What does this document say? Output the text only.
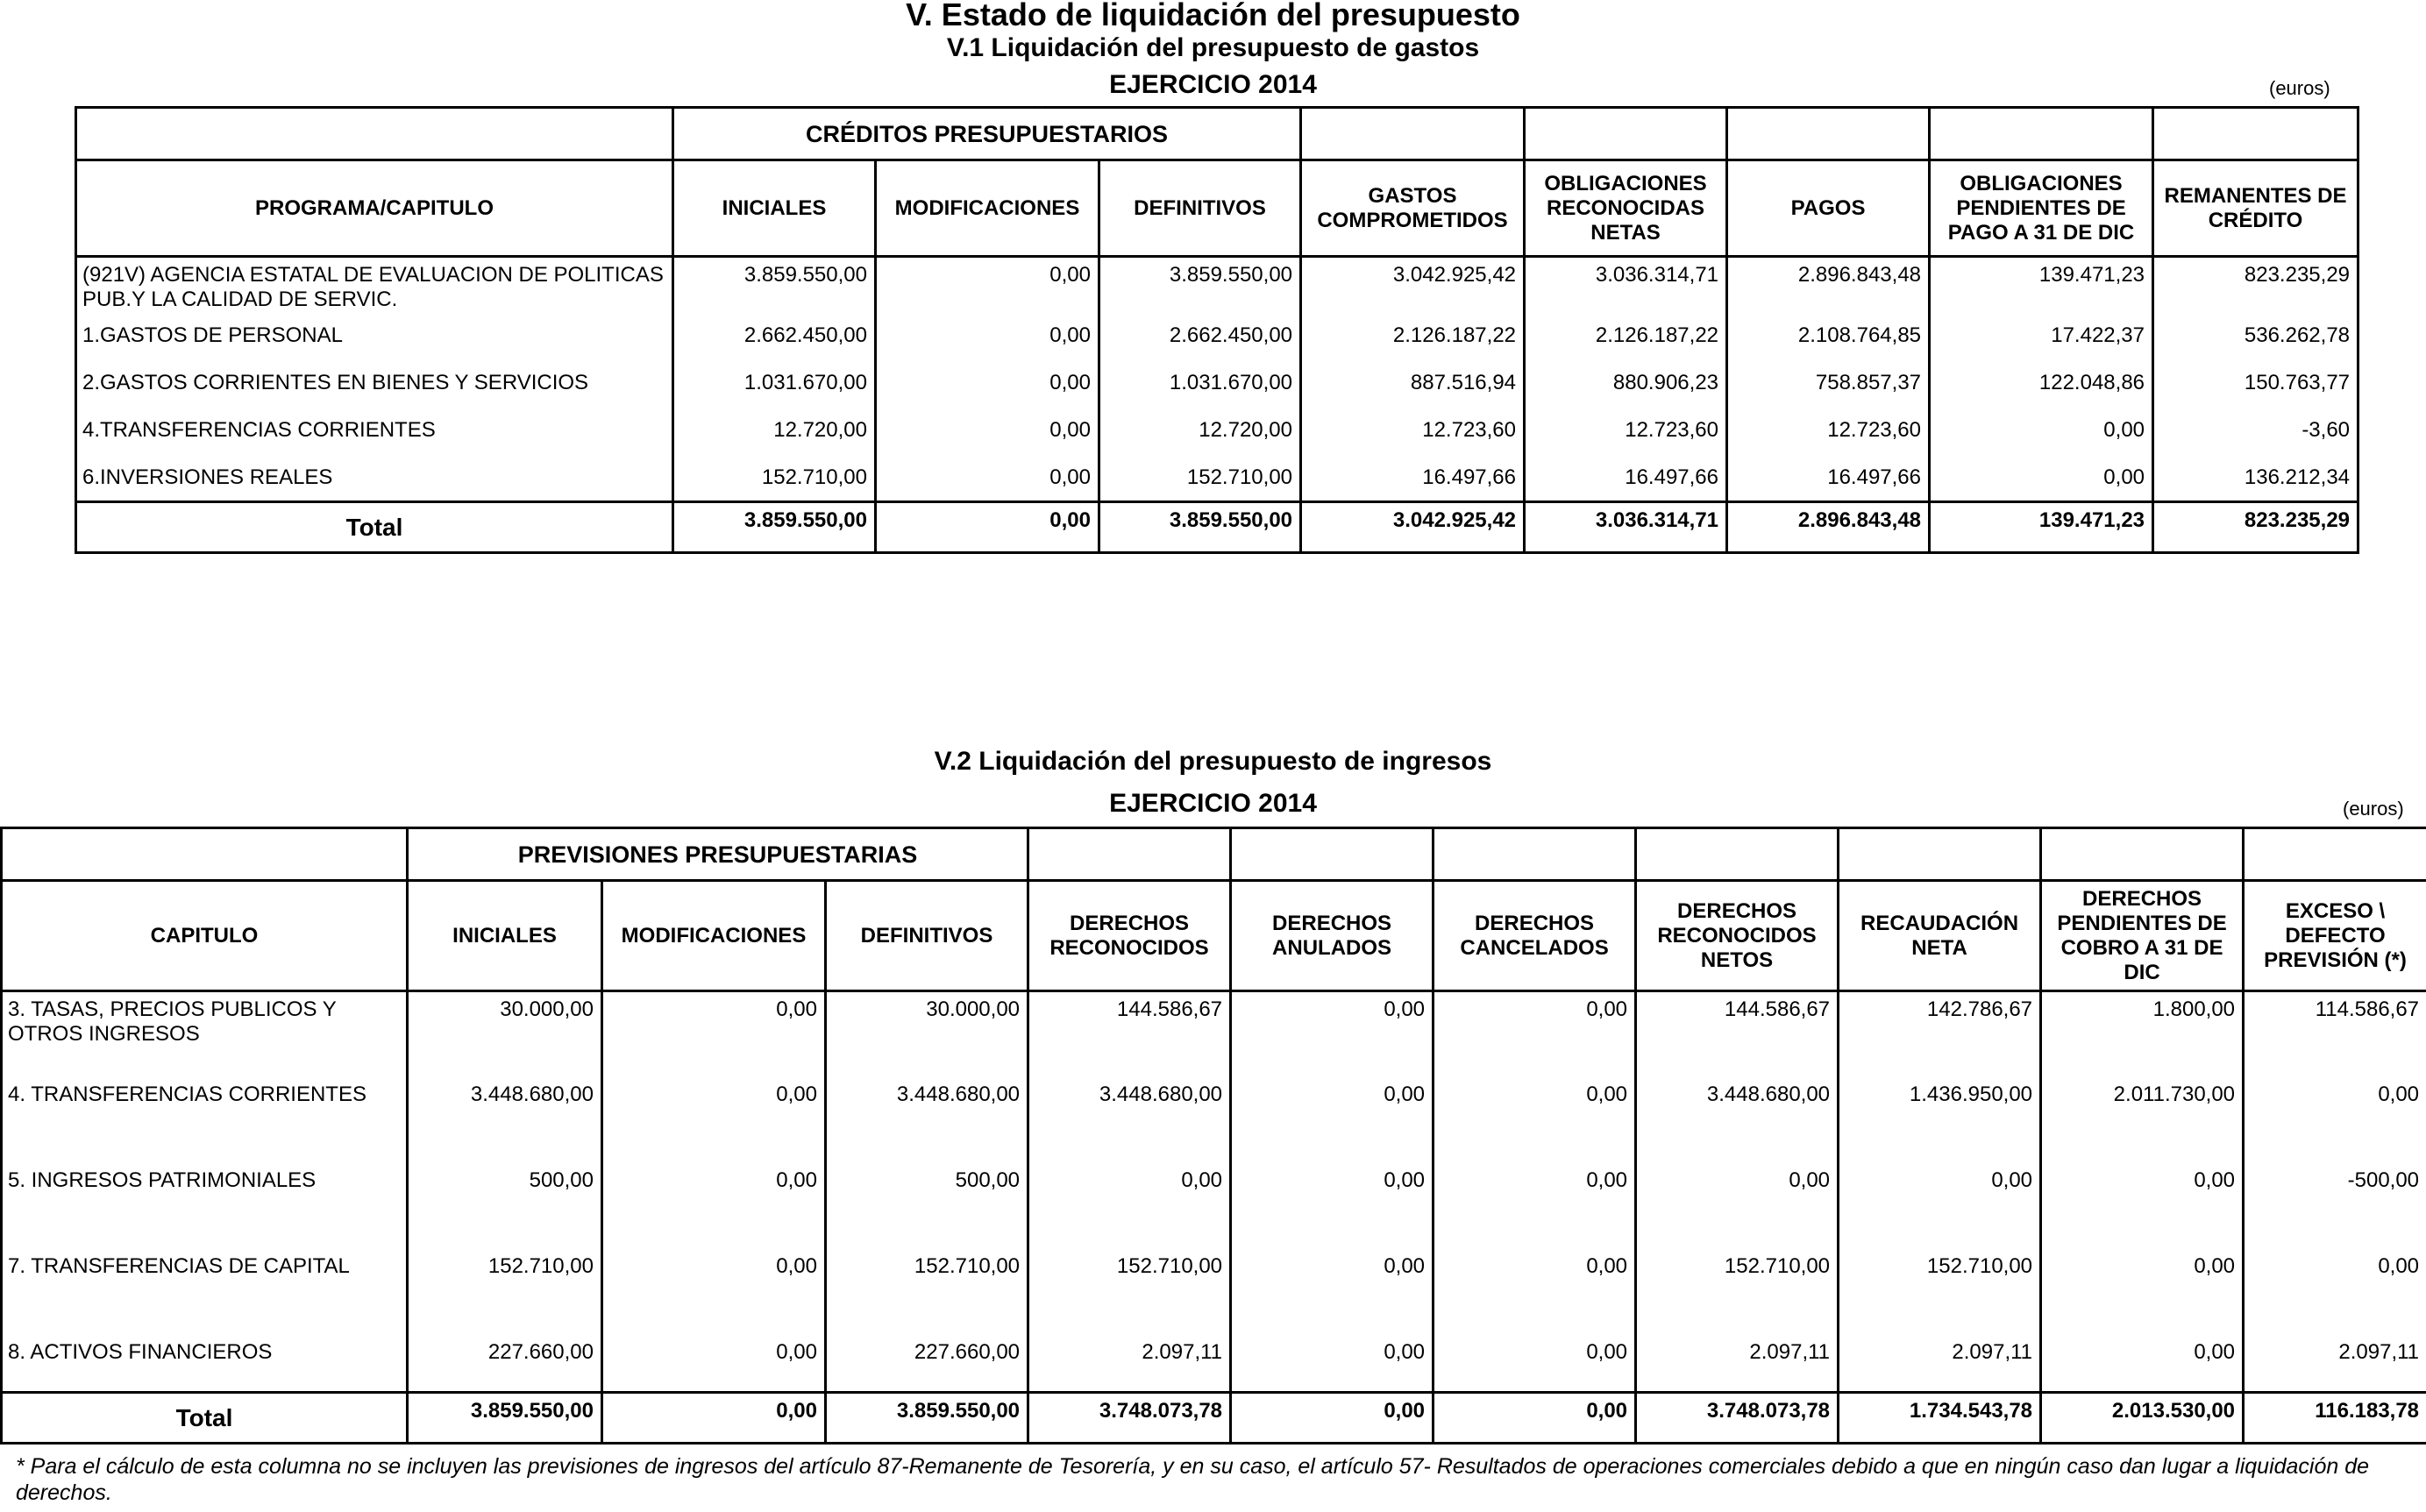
V. Estado de liquidación del presupuesto
V.1 Liquidación del presupuesto de gastos
EJERCICIO 2014	(euros)
	CRÉDITOS PRESUPUESTARIOS							
PROGRAMA/CAPITULO	INICIALES	MODIFICACIONES	DEFINITIVOS	GASTOS COMPROMETIDOS	OBLIGACIONES RECONOCIDAS NETAS	PAGOS	OBLIGACIONES PENDIENTES DE PAGO A 31 DE DIC	REMANENTES DE CRÉDITO
(921V) AGENCIA ESTATAL DE EVALUACION DE POLITICAS PUB.Y LA CALIDAD DE SERVIC.	3.859.550,00	0,00	3.859.550,00	3.042.925,42	3.036.314,71	2.896.843,48	139.471,23	823.235,29
1.GASTOS DE PERSONAL	2.662.450,00	0,00	2.662.450,00	2.126.187,22	2.126.187,22	2.108.764,85	17.422,37	536.262,78
2.GASTOS CORRIENTES EN BIENES Y SERVICIOS	1.031.670,00	0,00	1.031.670,00	887.516,94	880.906,23	758.857,37	122.048,86	150.763,77
4.TRANSFERENCIAS CORRIENTES	12.720,00	0,00	12.720,00	12.723,60	12.723,60	12.723,60	0,00	-3,60
6.INVERSIONES REALES	152.710,00	0,00	152.710,00	16.497,66	16.497,66	16.497,66	0,00	136.212,34
Total	3.859.550,00	0,00	3.859.550,00	3.042.925,42	3.036.314,71	2.896.843,48	139.471,23	823.235,29
V.2 Liquidación del presupuesto de ingresos
EJERCICIO 2014	(euros)
	PREVISIONES PRESUPUESTARIAS									
CAPITULO	INICIALES	MODIFICACIONES	DEFINITIVOS	DERECHOS RECONOCIDOS	DERECHOS ANULADOS	DERECHOS CANCELADOS	DERECHOS RECONOCIDOS NETOS	RECAUDACIÓN NETA	DERECHOS PENDIENTES DE COBRO A 31 DE DIC	EXCESO \ DEFECTO PREVISIÓN (*)
3. TASAS, PRECIOS PUBLICOS Y OTROS INGRESOS	30.000,00	0,00	30.000,00	144.586,67	0,00	0,00	144.586,67	142.786,67	1.800,00	114.586,67
4. TRANSFERENCIAS CORRIENTES	3.448.680,00	0,00	3.448.680,00	3.448.680,00	0,00	0,00	3.448.680,00	1.436.950,00	2.011.730,00	0,00
5. INGRESOS PATRIMONIALES	500,00	0,00	500,00	0,00	0,00	0,00	0,00	0,00	0,00	-500,00
7. TRANSFERENCIAS DE CAPITAL	152.710,00	0,00	152.710,00	152.710,00	0,00	0,00	152.710,00	152.710,00	0,00	0,00
8. ACTIVOS FINANCIEROS	227.660,00	0,00	227.660,00	2.097,11	0,00	0,00	2.097,11	2.097,11	0,00	2.097,11
Total	3.859.550,00	0,00	3.859.550,00	3.748.073,78	0,00	0,00	3.748.073,78	1.734.543,78	2.013.530,00	116.183,78
* Para el cálculo de esta columna no se incluyen las previsiones de ingresos del artículo 87-Remanente de Tesorería, y en su caso, el artículo 57- Resultados de operaciones comerciales debido a que en ningún caso dan lugar a liquidación de derechos.
